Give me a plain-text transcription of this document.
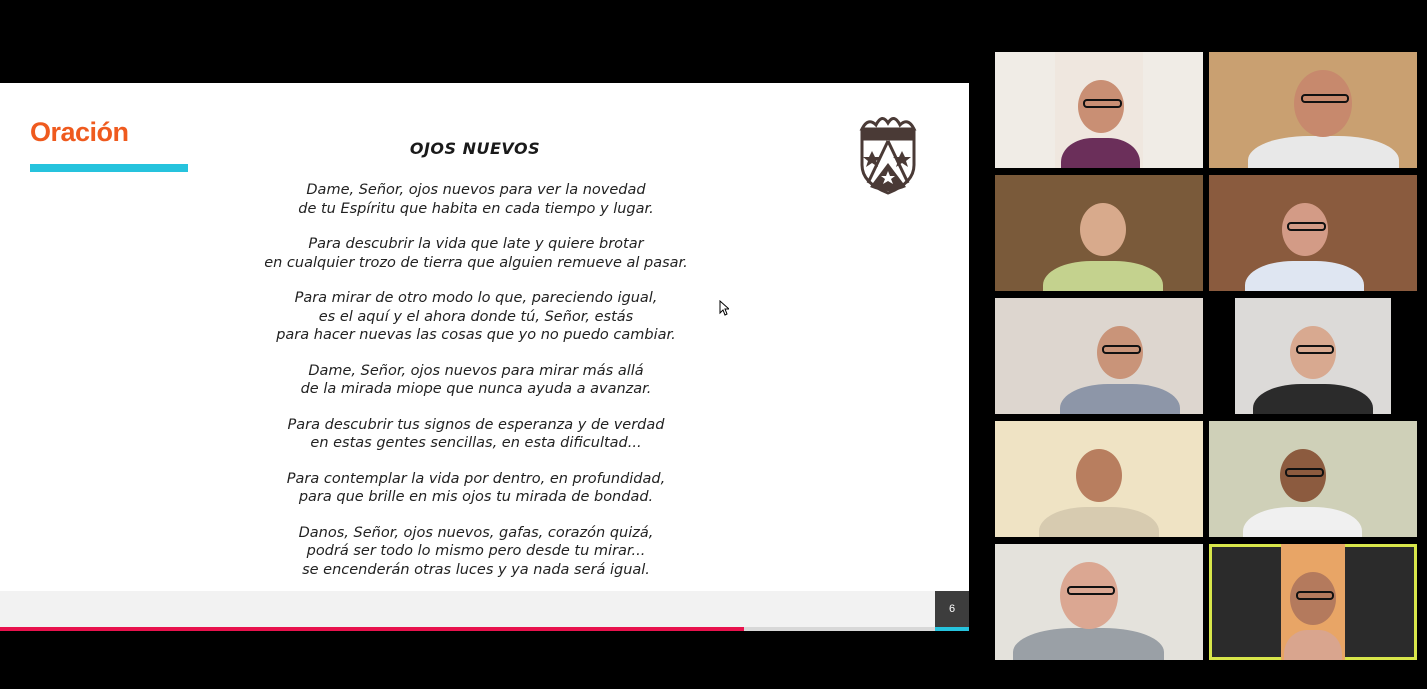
Oración
OJOS NUEVOS
Dame, Señor, ojos nuevos para ver la novedad
de tu Espíritu que habita en cada tiempo y lugar.
Para descubrir la vida que late y quiere brotar
en cualquier trozo de tierra que alguien remueve al pasar.
Para mirar de otro modo lo que, pareciendo igual,
es el aquí y el ahora donde tú, Señor, estás
para hacer nuevas las cosas que yo no puedo cambiar.
Dame, Señor, ojos nuevos para mirar más allá
de la mirada miope que nunca ayuda a avanzar.
Para descubrir tus signos de esperanza y de verdad
en estas gentes sencillas, en esta dificultad...
Para contemplar la vida por dentro, en profundidad,
para que brille en mis ojos tu mirada de bondad.
Danos, Señor, ojos nuevos, gafas, corazón quizá,
podrá ser todo lo mismo pero desde tu mirar...
se encenderán otras luces y ya nada será igual.
6
